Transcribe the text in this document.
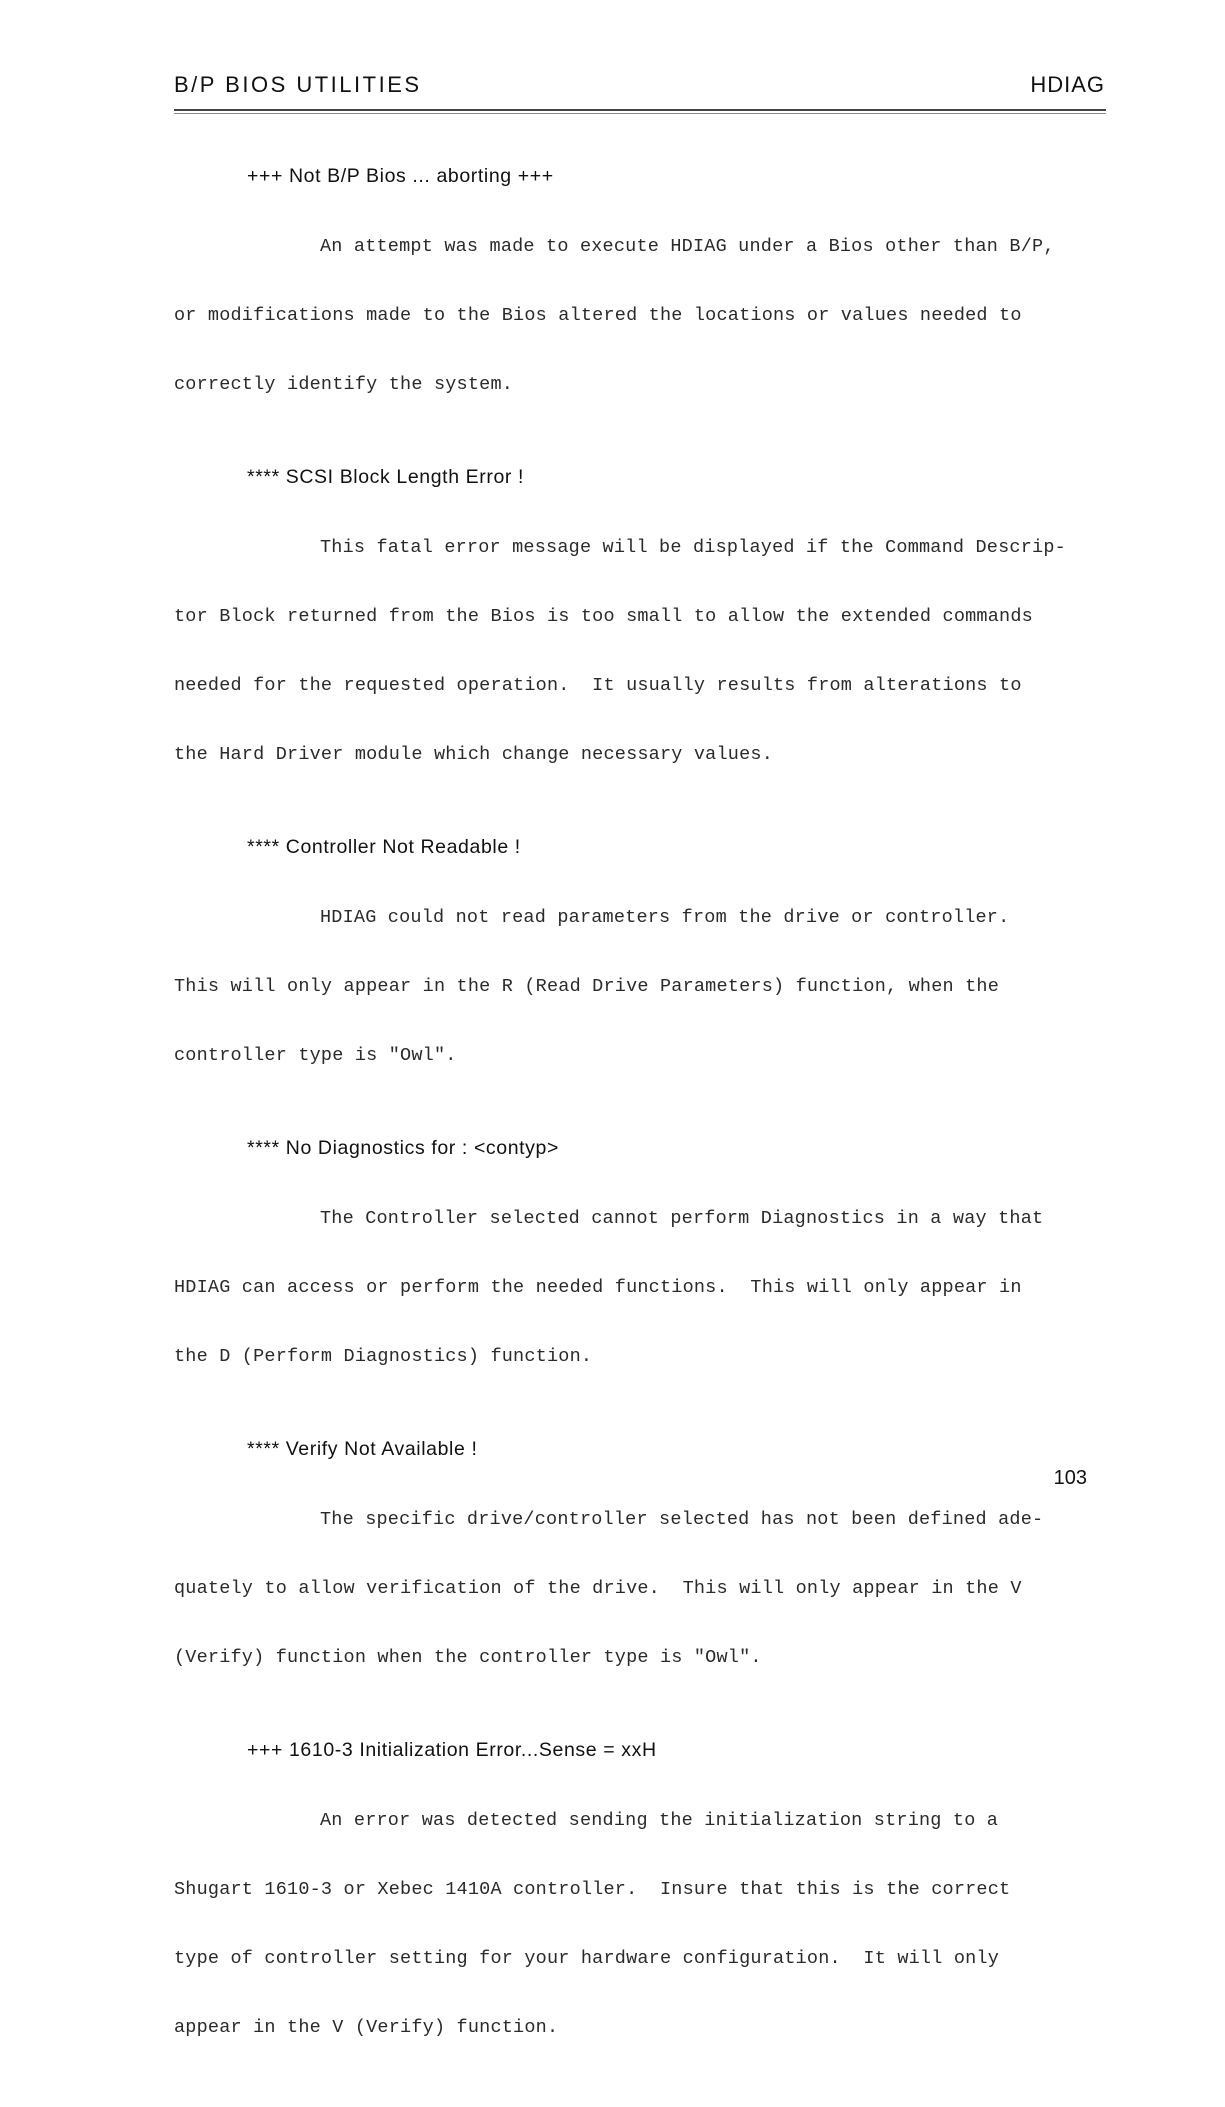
B/P BIOS UTILITIES	HDIAG
+++ Not B/P Bios ... aborting +++

An attempt was made to execute HDIAG under a Bios other than B/P,

or modifications made to the Bios altered the locations or values needed to

correctly identify the system.

**** SCSI Block Length Error !

This fatal error message will be displayed if the Command Descrip-

tor Block returned from the Bios is too small to allow the extended commands

needed for the requested operation.  It usually results from alterations to

the Hard Driver module which change necessary values.

**** Controller Not Readable !

HDIAG could not read parameters from the drive or controller.

This will only appear in the R (Read Drive Parameters) function, when the

controller type is "Owl".

**** No Diagnostics for : <contyp>

The Controller selected cannot perform Diagnostics in a way that

HDIAG can access or perform the needed functions.  This will only appear in

the D (Perform Diagnostics) function.

**** Verify Not Available !

The specific drive/controller selected has not been defined ade-

quately to allow verification of the drive.  This will only appear in the V

(Verify) function when the controller type is "Owl".

+++ 1610-3 Initialization Error...Sense = xxH

An error was detected sending the initialization string to a

Shugart 1610-3 or Xebec 1410A controller.  Insure that this is the correct

type of controller setting for your hardware configuration.  It will only

appear in the V (Verify) function.

103
